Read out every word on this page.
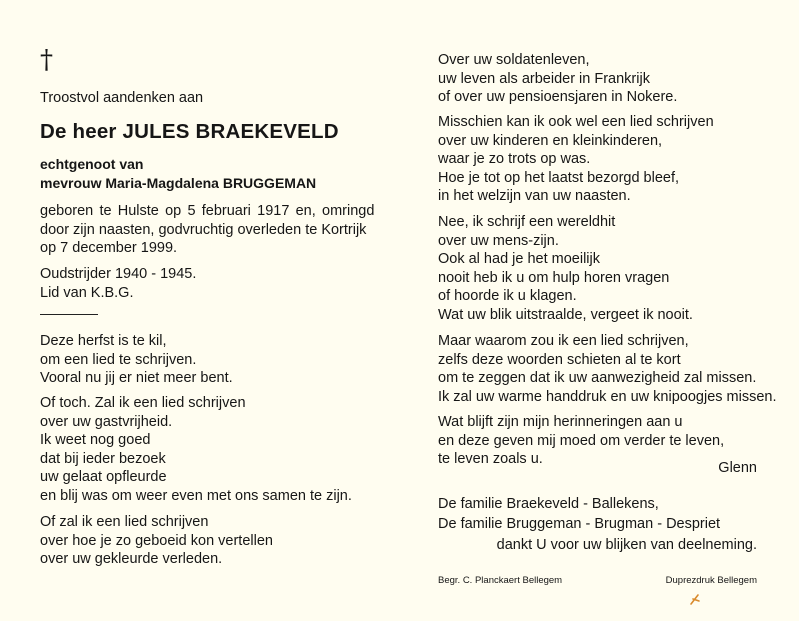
†
Troostvol aandenken aan
De heer JULES BRAEKEVELD
echtgenoot van
mevrouw Maria-Magdalena BRUGGEMAN
geboren te Hulste op 5 februari 1917 en, omringd
door zijn naasten, godvruchtig overleden te Kortrijk
op 7 december 1999.
Oudstrijder 1940 - 1945.
Lid van K.B.G.
Deze herfst is te kil,
om een lied te schrijven.
Vooral nu jij er niet meer bent.
Of toch. Zal ik een lied schrijven
over uw gastvrijheid.
Ik weet nog goed
dat bij ieder bezoek
uw gelaat opfleurde
en blij was om weer even met ons samen te zijn.
Of zal ik een lied schrijven
over hoe je zo geboeid kon vertellen
over uw gekleurde verleden.
Over uw soldatenleven,
uw leven als arbeider in Frankrijk
of over uw pensioensjaren in Nokere.
Misschien kan ik ook wel een lied schrijven
over uw kinderen en kleinkinderen,
waar je zo trots op was.
Hoe je tot op het laatst bezorgd bleef,
in het welzijn van uw naasten.
Nee, ik schrijf een wereldhit
over uw mens-zijn.
Ook al had je het moeilijk
nooit heb ik u om hulp horen vragen
of hoorde ik u klagen.
Wat uw blik uitstraalde, vergeet ik nooit.
Maar waarom zou ik een lied schrijven,
zelfs deze woorden schieten al te kort
om te zeggen dat ik uw aanwezigheid zal missen.
Ik zal uw warme handdruk en uw knipoogjes missen.
Wat blijft zijn mijn herinneringen aan u
en deze geven mij moed om verder te leven,
te leven zoals u.
Glenn
De familie Braekeveld - Ballekens,
De familie Bruggeman - Brugman - Despriet
dankt U voor uw blijken van deelneming.
Begr. C. Planckaert Bellegem	Duprezdruk Bellegem
